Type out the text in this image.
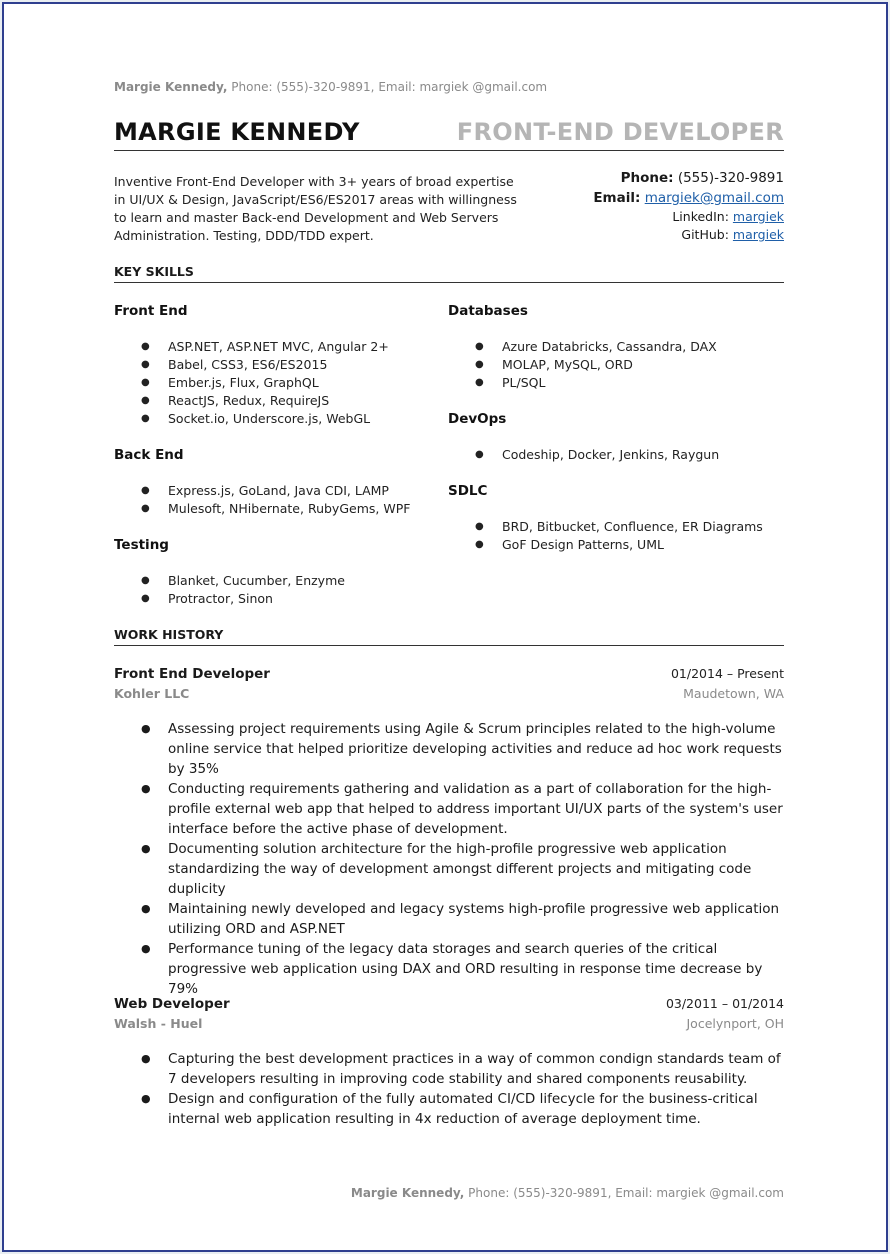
Margie Kennedy, Phone: (555)-320-9891, Email: margiek @gmail.com
MARGIE KENNEDY	FRONT-END DEVELOPER
Inventive Front-End Developer with 3+ years of broad expertise in UI/UX & Design, JavaScript/ES6/ES2017 areas with willingness to learn and master Back-end Development and Web Servers Administration. Testing, DDD/TDD expert.
Phone: (555)-320-9891
Email: margiek@gmail.com
LinkedIn: margiek
GitHub: margiek
KEY SKILLS
Front End
● ASP.NET, ASP.NET MVC, Angular 2+
● Babel, CSS3, ES6/ES2015
● Ember.js, Flux, GraphQL
● ReactJS, Redux, RequireJS
● Socket.io, Underscore.js, WebGL
Back End
● Express.js, GoLand, Java CDI, LAMP
● Mulesoft, NHibernate, RubyGems, WPF
Testing
● Blanket, Cucumber, Enzyme
● Protractor, Sinon
Databases
● Azure Databricks, Cassandra, DAX
● MOLAP, MySQL, ORD
● PL/SQL
DevOps
● Codeship, Docker, Jenkins, Raygun
SDLC
● BRD, Bitbucket, Confluence, ER Diagrams
● GoF Design Patterns, UML
WORK HISTORY
Front End Developer	01/2014 – Present
Kohler LLC	Maudetown, WA
● Assessing project requirements using Agile & Scrum principles related to the high-volume online service that helped prioritize developing activities and reduce ad hoc work requests by 35%
● Conducting requirements gathering and validation as a part of collaboration for the high-profile external web app that helped to address important UI/UX parts of the system's user interface before the active phase of development.
● Documenting solution architecture for the high-profile progressive web application standardizing the way of development amongst different projects and mitigating code duplicity
● Maintaining newly developed and legacy systems high-profile progressive web application utilizing ORD and ASP.NET
● Performance tuning of the legacy data storages and search queries of the critical progressive web application using DAX and ORD resulting in response time decrease by 79%
Web Developer	03/2011 – 01/2014
Walsh - Huel	Jocelynport, OH
● Capturing the best development practices in a way of common condign standards team of 7 developers resulting in improving code stability and shared components reusability.
● Design and configuration of the fully automated CI/CD lifecycle for the business-critical internal web application resulting in 4x reduction of average deployment time.
Margie Kennedy, Phone: (555)-320-9891, Email: margiek @gmail.com
